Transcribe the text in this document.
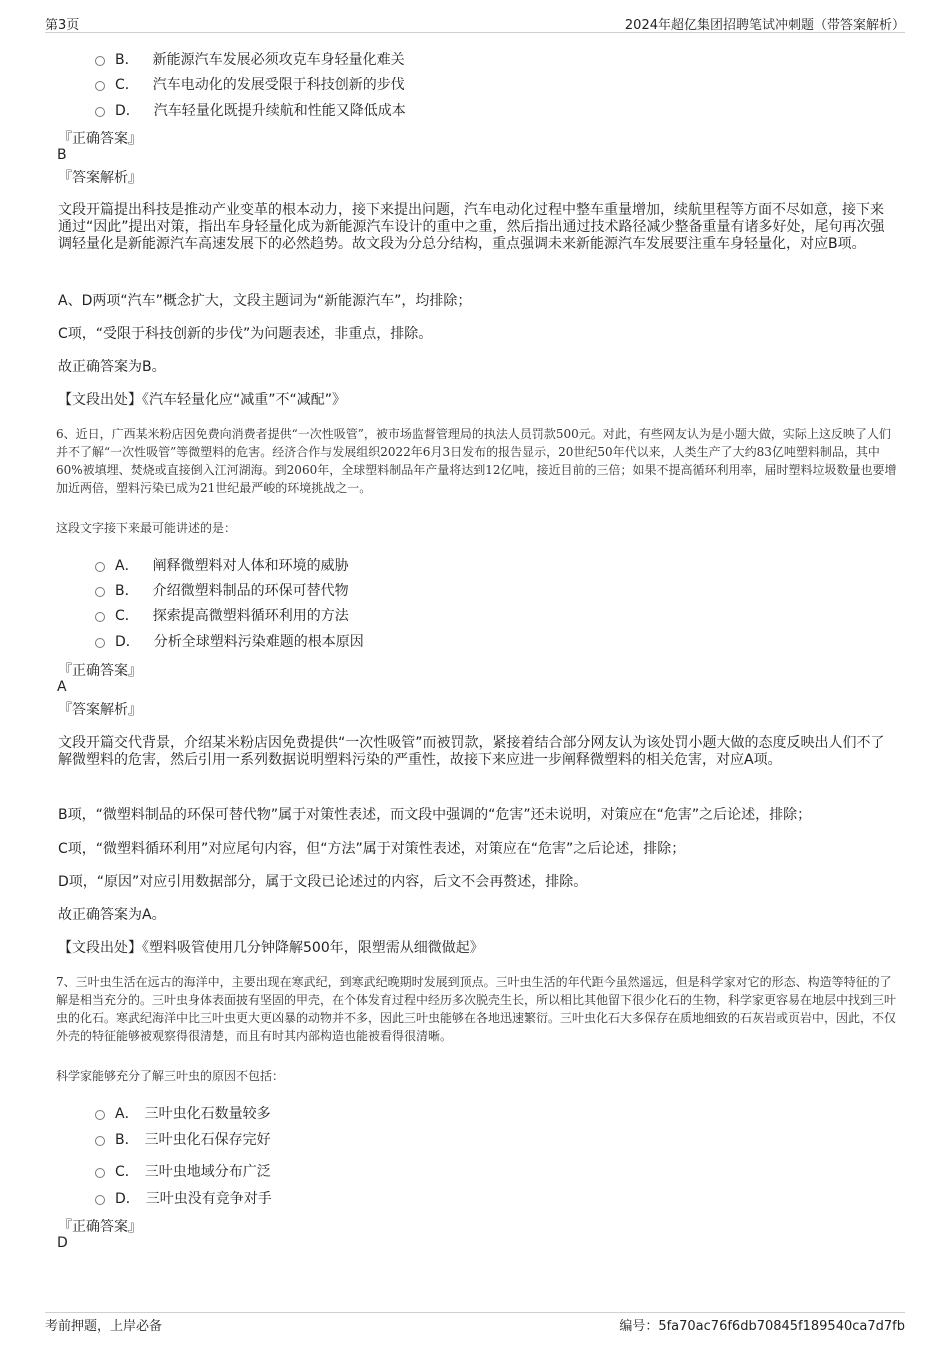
第3页	2024年超亿集团招聘笔试冲刺题（带答案解析）
B． 新能源汽车发展必须攻克车身轻量化难关
C． 汽车电动化的发展受限于科技创新的步伐
D． 汽车轻量化既提升续航和性能又降低成本
『正确答案』
B
『答案解析』
文段开篇提出科技是推动产业变革的根本动力，接下来提出问题，汽车电动化过程中整车重量增加，续航里程等方面不尽如意，接下来通过“因此”提出对策，指出车身轻量化成为新能源汽车设计的重中之重，然后指出通过技术路径减少整备重量有诸多好处，尾句再次强调轻量化是新能源汽车高速发展下的必然趋势。故文段为分总分结构，重点强调未来新能源汽车发展要注重车身轻量化，对应B项。
A、D两项“汽车”概念扩大，文段主题词为“新能源汽车”，均排除；
C项，“受限于科技创新的步伐”为问题表述，非重点，排除。
故正确答案为B。
【文段出处】《汽车轻量化应“减重”不“减配”》
6、近日，广西某米粉店因免费向消费者提供“一次性吸管”，被市场监督管理局的执法人员罚款500元。对此，有些网友认为是小题大做，实际上这反映了人们并不了解“一次性吸管”等微塑料的危害。经济合作与发展组织2022年6月3日发布的报告显示，20世纪50年代以来，人类生产了大约83亿吨塑料制品，其中60%被填埋、焚烧或直接倒入江河湖海。到2060年，全球塑料制品年产量将达到12亿吨，接近目前的三倍；如果不提高循环利用率，届时塑料垃圾数量也要增加近两倍，塑料污染已成为21世纪最严峻的环境挑战之一。
这段文字接下来最可能讲述的是：
A． 阐释微塑料对人体和环境的威胁
B． 介绍微塑料制品的环保可替代物
C． 探索提高微塑料循环利用的方法
D． 分析全球塑料污染难题的根本原因
『正确答案』
A
『答案解析』
文段开篇交代背景，介绍某米粉店因免费提供“一次性吸管”而被罚款，紧接着结合部分网友认为该处罚小题大做的态度反映出人们不了解微塑料的危害，然后引用一系列数据说明塑料污染的严重性，故接下来应进一步阐释微塑料的相关危害，对应A项。
B项，“微塑料制品的环保可替代物”属于对策性表述，而文段中强调的“危害”还未说明，对策应在“危害”之后论述，排除；
C项，“微塑料循环利用”对应尾句内容，但“方法”属于对策性表述，对策应在“危害”之后论述，排除；
D项，“原因”对应引用数据部分，属于文段已论述过的内容，后文不会再赘述，排除。
故正确答案为A。
【文段出处】《塑料吸管使用几分钟降解500年，限塑需从细微做起》
7、三叶虫生活在远古的海洋中，主要出现在寒武纪，到寒武纪晚期时发展到顶点。三叶虫生活的年代距今虽然遥远，但是科学家对它的形态、构造等特征的了解是相当充分的。三叶虫身体表面披有坚固的甲壳，在个体发育过程中经历多次脱壳生长，所以相比其他留下很少化石的生物，科学家更容易在地层中找到三叶虫的化石。寒武纪海洋中比三叶虫更大更凶暴的动物并不多，因此三叶虫能够在各地迅速繁衍。三叶虫化石大多保存在质地细致的石灰岩或页岩中，因此，不仅外壳的特征能够被观察得很清楚，而且有时其内部构造也能被看得很清晰。
科学家能够充分了解三叶虫的原因不包括：
A． 三叶虫化石数量较多
B． 三叶虫化石保存完好
C． 三叶虫地域分布广泛
D． 三叶虫没有竞争对手
『正确答案』
D
考前押题，上岸必备	编号：5fa70ac76f6db70845f189540ca7d7fb
